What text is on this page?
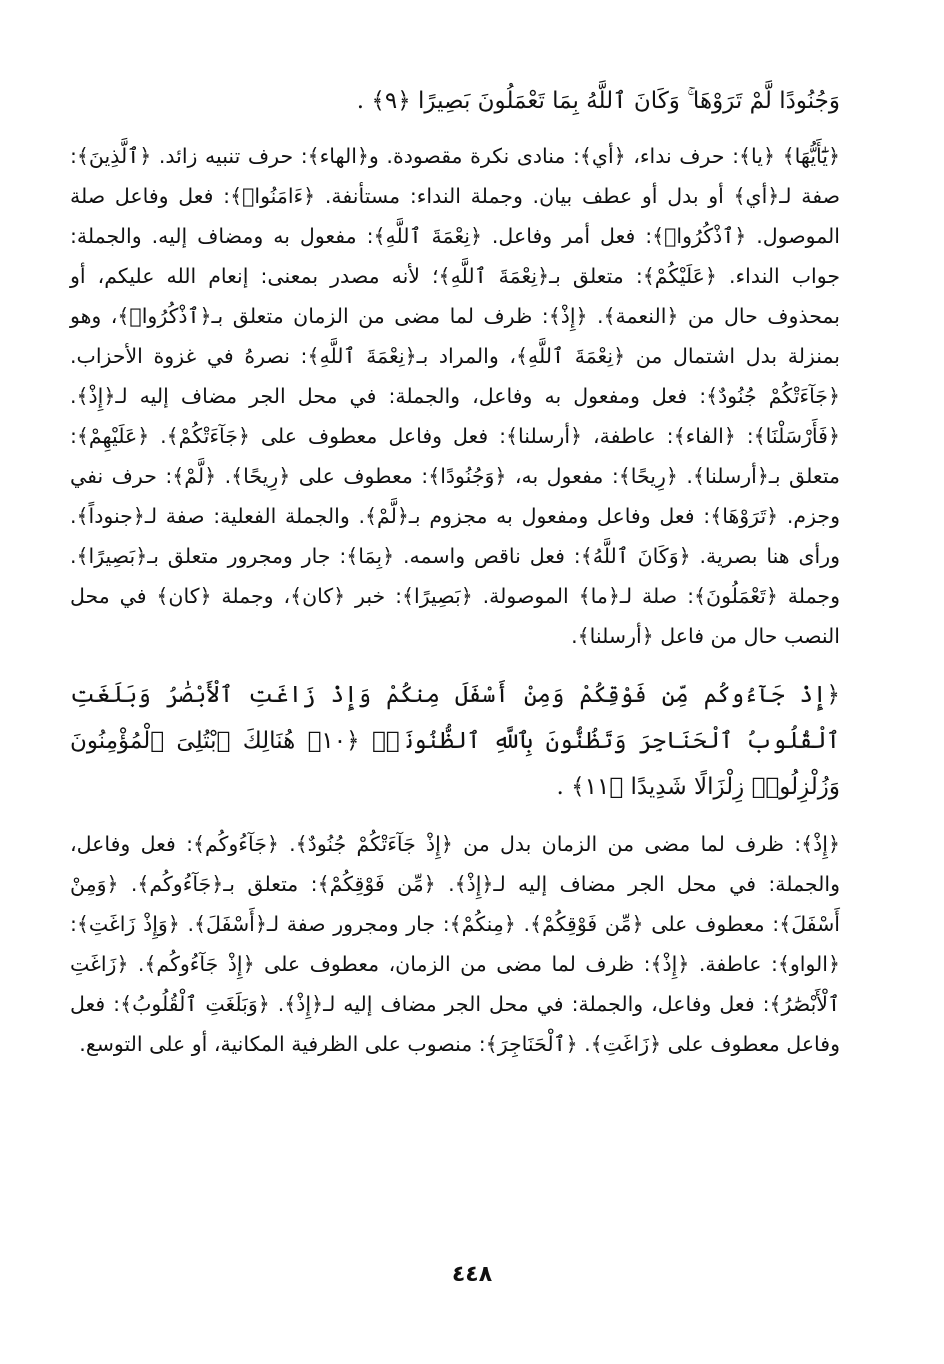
وَجُنُودًا لَّمْ تَرَوْهَا ۚ وَكَانَ ٱللَّهُ بِمَا تَعْمَلُونَ بَصِيرًا ﴿٩﴾ .

﴿يَٰٓأَيُّهَا﴾ ﴿يا﴾: حرف نداء، ﴿أي﴾: منادى نكرة مقصودة. و﴿الهاء﴾: حرف تنبيه زائد. ﴿ٱلَّذِينَ﴾: صفة لـ﴿أي﴾ أو بدل أو عطف بيان. وجملة النداء: مستأنفة. ﴿ءَامَنُوا۟﴾: فعل وفاعل صلة الموصول. ﴿ٱذْكُرُوا۟﴾: فعل أمر وفاعل. ﴿نِعْمَةَ ٱللَّهِ﴾: مفعول به ومضاف إليه. والجملة: جواب النداء. ﴿عَلَيْكُمْ﴾: متعلق بـ﴿نِعْمَةَ ٱللَّهِ﴾؛ لأنه مصدر بمعنى: إنعام الله عليكم، أو بمحذوف حال من ﴿النعمة﴾. ﴿إِذْ﴾: ظرف لما مضى من الزمان متعلق بـ﴿ٱذْكُرُوا۟﴾، وهو بمنزلة بدل اشتمال من ﴿نِعْمَةَ ٱللَّهِ﴾، والمراد بـ﴿نِعْمَةَ ٱللَّهِ﴾: نصرهُ في غزوة الأحزاب. ﴿جَآءَتْكُمْ جُنُودٌ﴾: فعل ومفعول به وفاعل، والجملة: في محل الجر مضاف إليه لـ﴿إِذْ﴾. ﴿فَأَرْسَلْنَا﴾: ﴿الفاء﴾: عاطفة، ﴿أرسلنا﴾: فعل وفاعل معطوف على ﴿جَآءَتْكُمْ﴾. ﴿عَلَيْهِمْ﴾: متعلق بـ﴿أرسلنا﴾. ﴿رِيحًا﴾: مفعول به، ﴿وَجُنُودًا﴾: معطوف على ﴿رِيحًا﴾. ﴿لَّمْ﴾: حرف نفي وجزم. ﴿تَرَوْهَا﴾: فعل وفاعل ومفعول به مجزوم بـ﴿لَّمْ﴾. والجملة الفعلية: صفة لـ﴿جنوداً﴾. ورأى هنا بصرية. ﴿وَكَانَ ٱللَّهُ﴾: فعل ناقص واسمه. ﴿بِمَا﴾: جار ومجرور متعلق بـ﴿بَصِيرًا﴾. وجملة ﴿تَعْمَلُونَ﴾: صلة لـ﴿ما﴾ الموصولة. ﴿بَصِيرًا﴾: خبر ﴿كان﴾، وجملة ﴿كان﴾ في محل النصب حال من فاعل ﴿أرسلنا﴾.

﴿إِذْ جَآءُوكُم مِّن فَوْقِكُمْ وَمِنْ أَسْفَلَ مِنكُمْ وَإِذْ زَاغَتِ ٱلْأَبْصَٰرُ وَبَلَغَتِ ٱلْقُلُوبُ ٱلْحَنَاجِرَ وَتَظُنُّونَ بِٱللَّهِ ٱلظُّنُونَا۠ ﴿١٠﴾ هُنَالِكَ ٱبْتُلِىَ ٱلْمُؤْمِنُونَ وَزُلْزِلُوا۟ زِلْزَالًا شَدِيدًا ﴿١١﴾ .

﴿إِذْ﴾: ظرف لما مضى من الزمان بدل من ﴿إِذْ جَآءَتْكُمْ جُنُودٌ﴾. ﴿جَآءُوكُم﴾: فعل وفاعل، والجملة: في محل الجر مضاف إليه لـ﴿إِذْ﴾. ﴿مِّن فَوْقِكُمْ﴾: متعلق بـ﴿جَآءُوكُم﴾. ﴿وَمِنْ أَسْفَلَ﴾: معطوف على ﴿مِّن فَوْقِكُمْ﴾. ﴿مِنكُمْ﴾: جار ومجرور صفة لـ﴿أَسْفَلَ﴾. ﴿وَإِذْ زَاغَتِ﴾: ﴿الواو﴾: عاطفة. ﴿إِذْ﴾: ظرف لما مضى من الزمان، معطوف على ﴿إِذْ جَآءُوكُم﴾. ﴿زَاغَتِ ٱلْأَبْصَٰرُ﴾: فعل وفاعل، والجملة: في محل الجر مضاف إليه لـ﴿إِذْ﴾. ﴿وَبَلَغَتِ ٱلْقُلُوبُ﴾: فعل وفاعل معطوف على ﴿زَاغَتِ﴾. ﴿ٱلْحَنَاجِرَ﴾: منصوب على الظرفية المكانية، أو على التوسع.

٤٤٨
